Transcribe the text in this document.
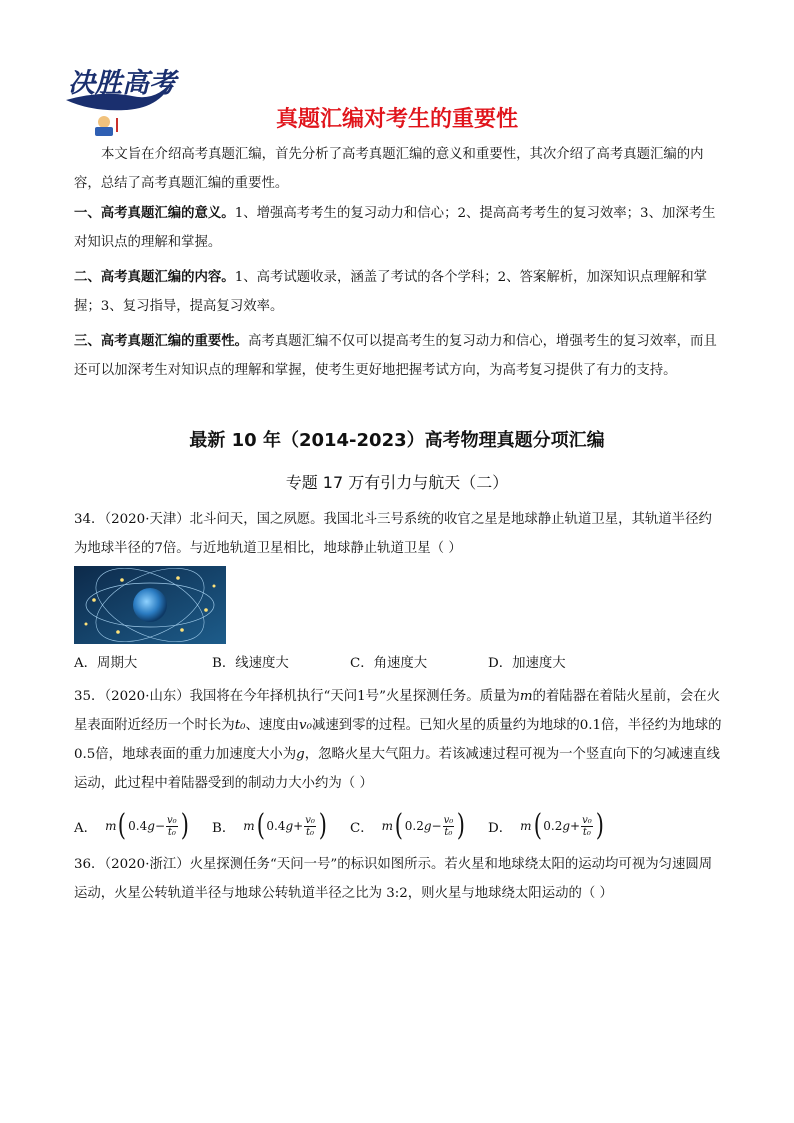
决胜高考
真题汇编对考生的重要性
本文旨在介绍高考真题汇编，首先分析了高考真题汇编的意义和重要性，其次介绍了高考真题汇编的内容，总结了高考真题汇编的重要性。
一、高考真题汇编的意义。1、增强高考考生的复习动力和信心；2、提高高考考生的复习效率；3、加深考生对知识点的理解和掌握。
二、高考真题汇编的内容。1、高考试题收录，涵盖了考试的各个学科；2、答案解析，加深知识点理解和掌握；3、复习指导，提高复习效率。
三、高考真题汇编的重要性。高考真题汇编不仅可以提高考生的复习动力和信心，增强考生的复习效率，而且还可以加深考生对知识点的理解和掌握，使考生更好地把握考试方向，为高考复习提供了有力的支持。
最新 10 年（2014-2023）高考物理真题分项汇编
专题 17 万有引力与航天（二）
34．（2020·天津）北斗问天，国之夙愿。我国北斗三号系统的收官之星是地球静止轨道卫星，其轨道半径约为地球半径的7倍。与近地轨道卫星相比，地球静止轨道卫星（ ）
A．周期大	B．线速度大	C．角速度大	D．加速度大
35．（2020·山东）我国将在今年择机执行“天问1号”火星探测任务。质量为m的着陆器在着陆火星前，会在火星表面附近经历一个时长为t₀、速度由v₀减速到零的过程。已知火星的质量约为地球的0.1倍，半径约为地球的0.5倍，地球表面的重力加速度大小为g，忽略火星大气阻力。若该减速过程可视为一个竖直向下的匀减速直线运动，此过程中着陆器受到的制动力大小约为（ ）
A． m ( 0.4 $g - \frac{\text{v₀}}{\text{t₀}}$ ) B． m ( 0.4 $g + \frac{\text{v₀}}{\text{t₀}}$ ) C． m ( 0.2 $g - \frac{\text{v₀}}{\text{t₀}}$ ) D． m ( 0.2 $g + \frac{\text{v₀}}{\text{t₀}}$ )
36．（2020·浙江）火星探测任务“天问一号”的标识如图所示。若火星和地球绕太阳的运动均可视为匀速圆周运动，火星公转轨道半径与地球公转轨道半径之比为 3:2，则火星与地球绕太阳运动的（ ）
